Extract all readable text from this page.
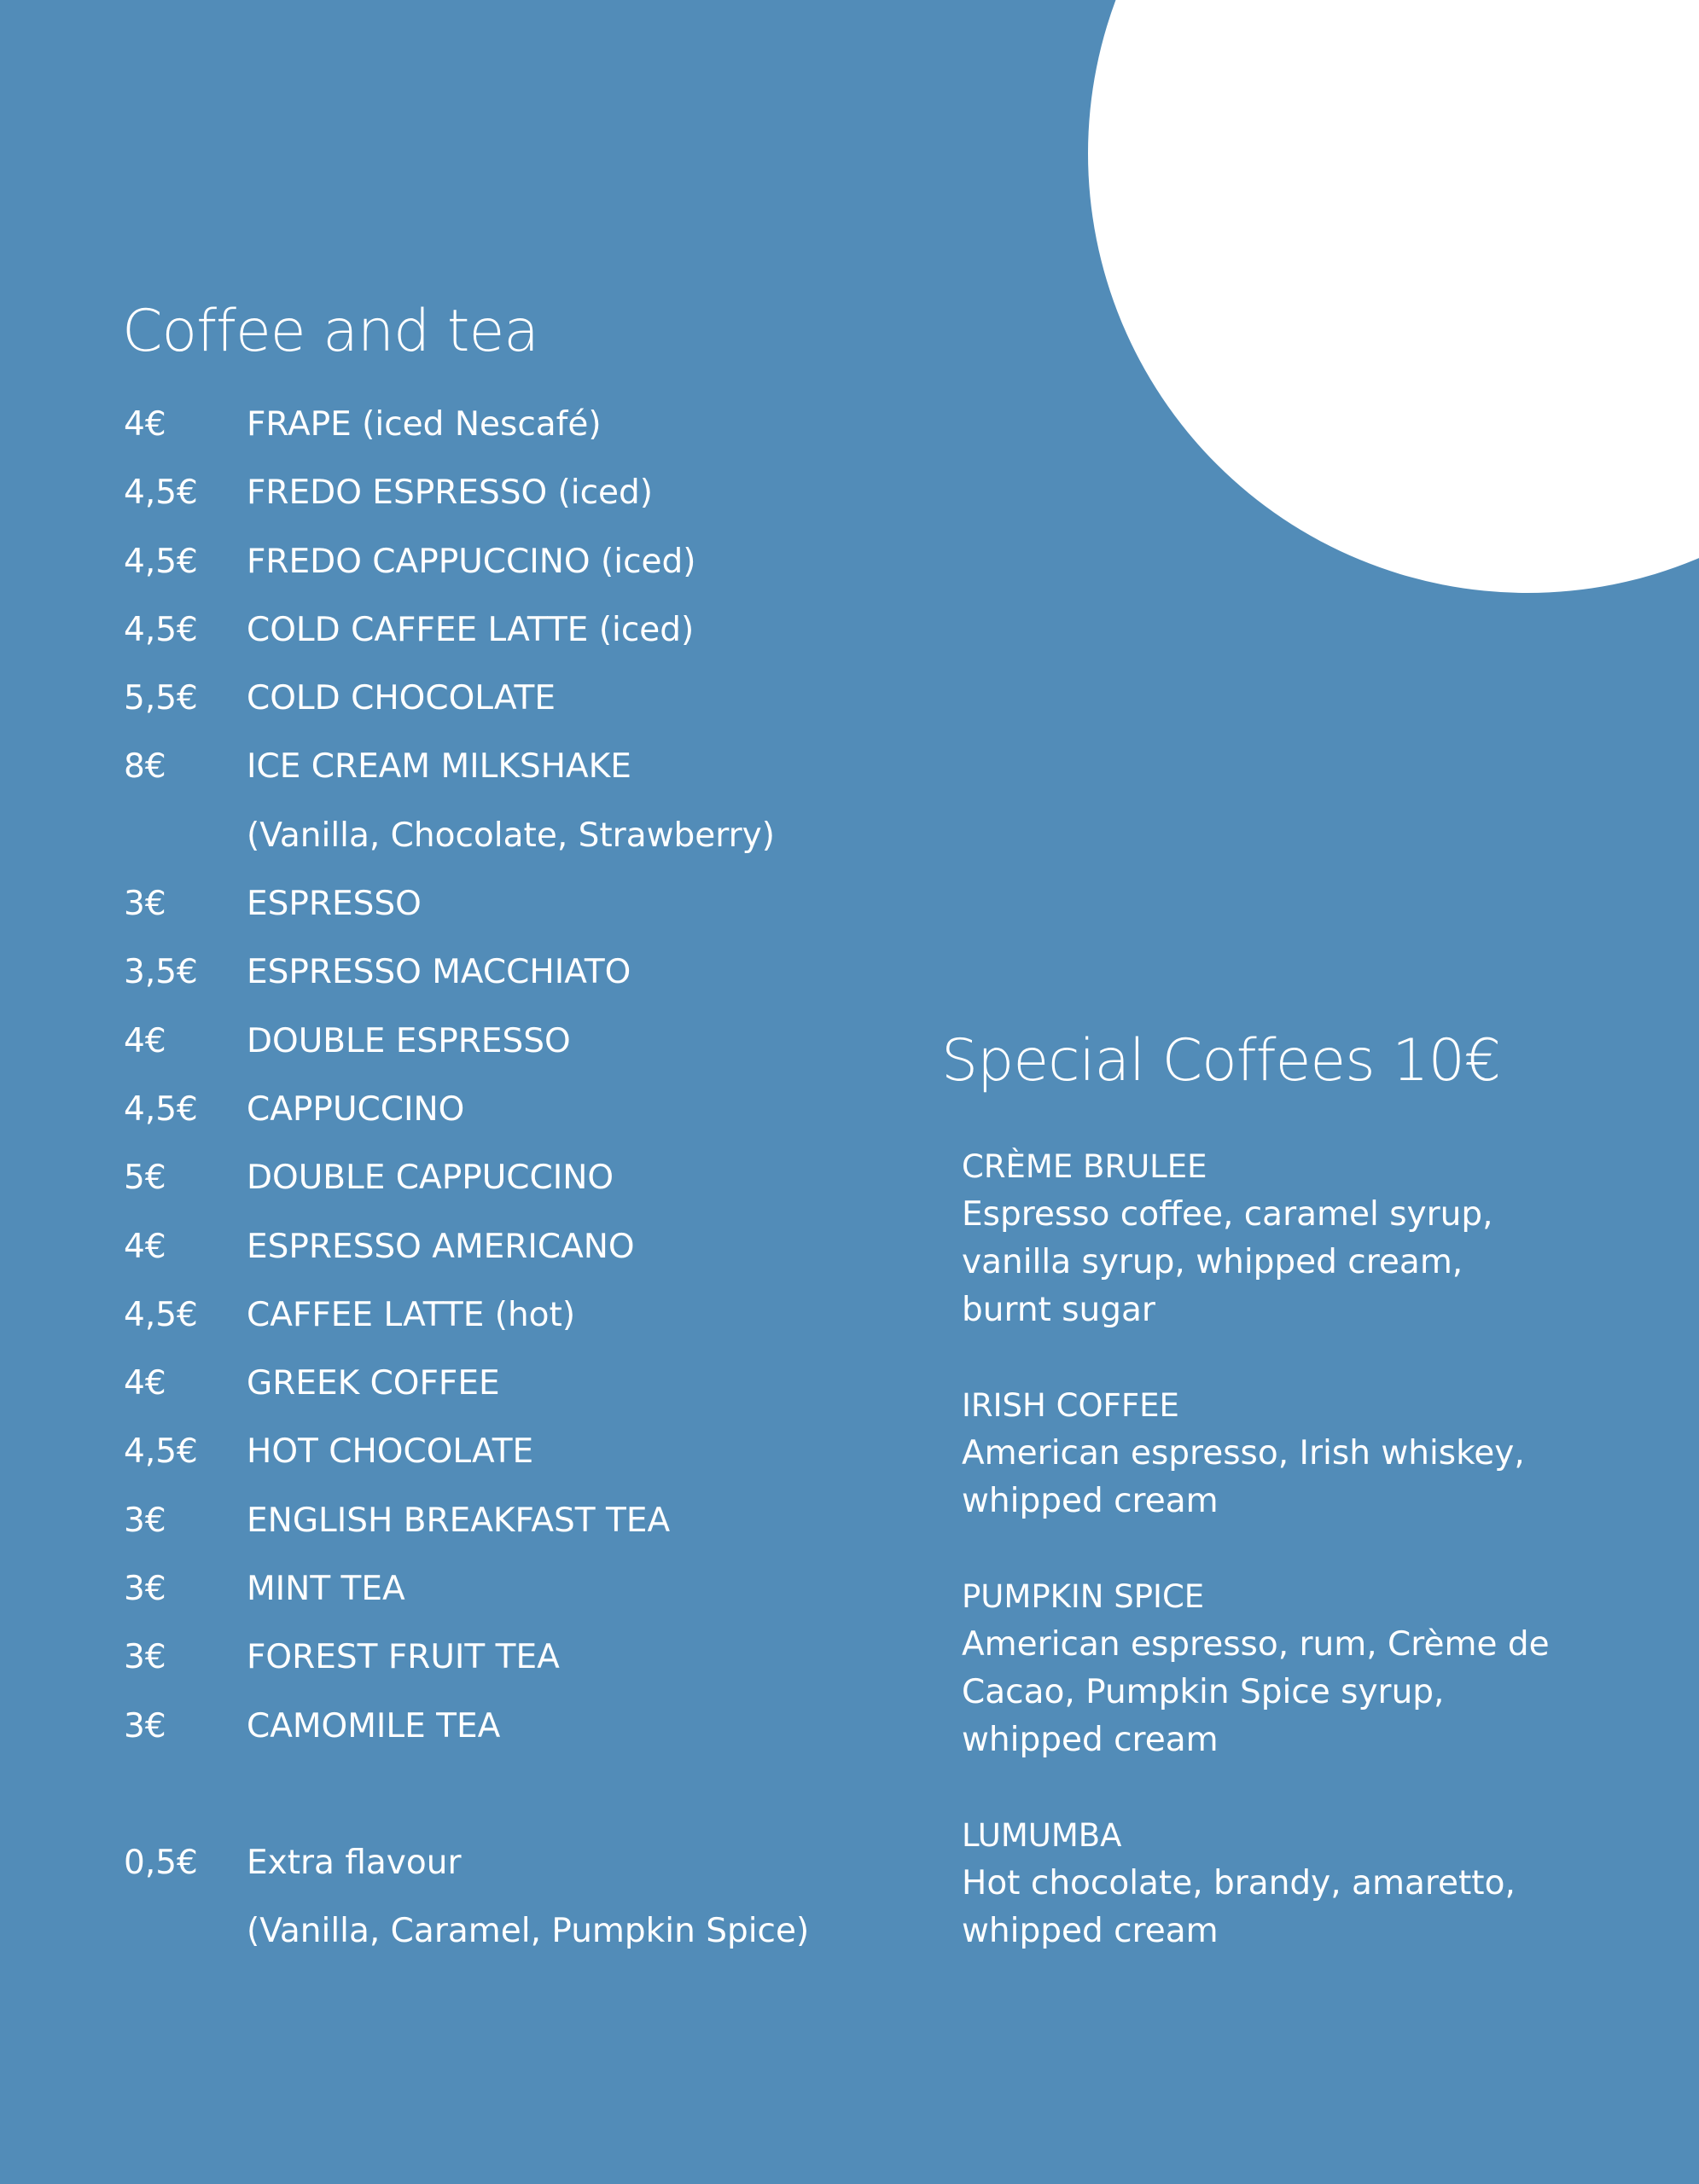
Coffee and tea
4€ FRAPE (iced Nescafé)
4,5€ FREDO ESPRESSO (iced)
4,5€ FREDO CAPPUCCINO (iced)
4,5€ COLD CAFFEE LATTE (iced)
5,5€ COLD CHOCOLATE
8€ ICE CREAM MILKSHAKE
(Vanilla, Chocolate, Strawberry)
3€ ESPRESSO
3,5€ ESPRESSO MACCHIATO
4€ DOUBLE ESPRESSO
4,5€ CAPPUCCINO
5€ DOUBLE CAPPUCCINO
4€ ESPRESSO AMERICANO
4,5€ CAFFEE LATTE (hot)
4€ GREEK COFFEE
4,5€ HOT CHOCOLATE
3€ ENGLISH BREAKFAST TEA
3€ MINT TEA
3€ FOREST FRUIT TEA
3€ CAMOMILE TEA
0,5€ Extra flavour
(Vanilla, Caramel, Pumpkin Spice)
Special Coffees 10€
CRÈME BRULEE
Espresso coffee, caramel syrup, vanilla syrup, whipped cream, burnt sugar
IRISH COFFEE
American espresso, Irish whiskey, whipped cream
PUMPKIN SPICE
American espresso, rum, Crème de Cacao, Pumpkin Spice syrup, whipped cream
LUMUMBA
Hot chocolate, brandy, amaretto, whipped cream
